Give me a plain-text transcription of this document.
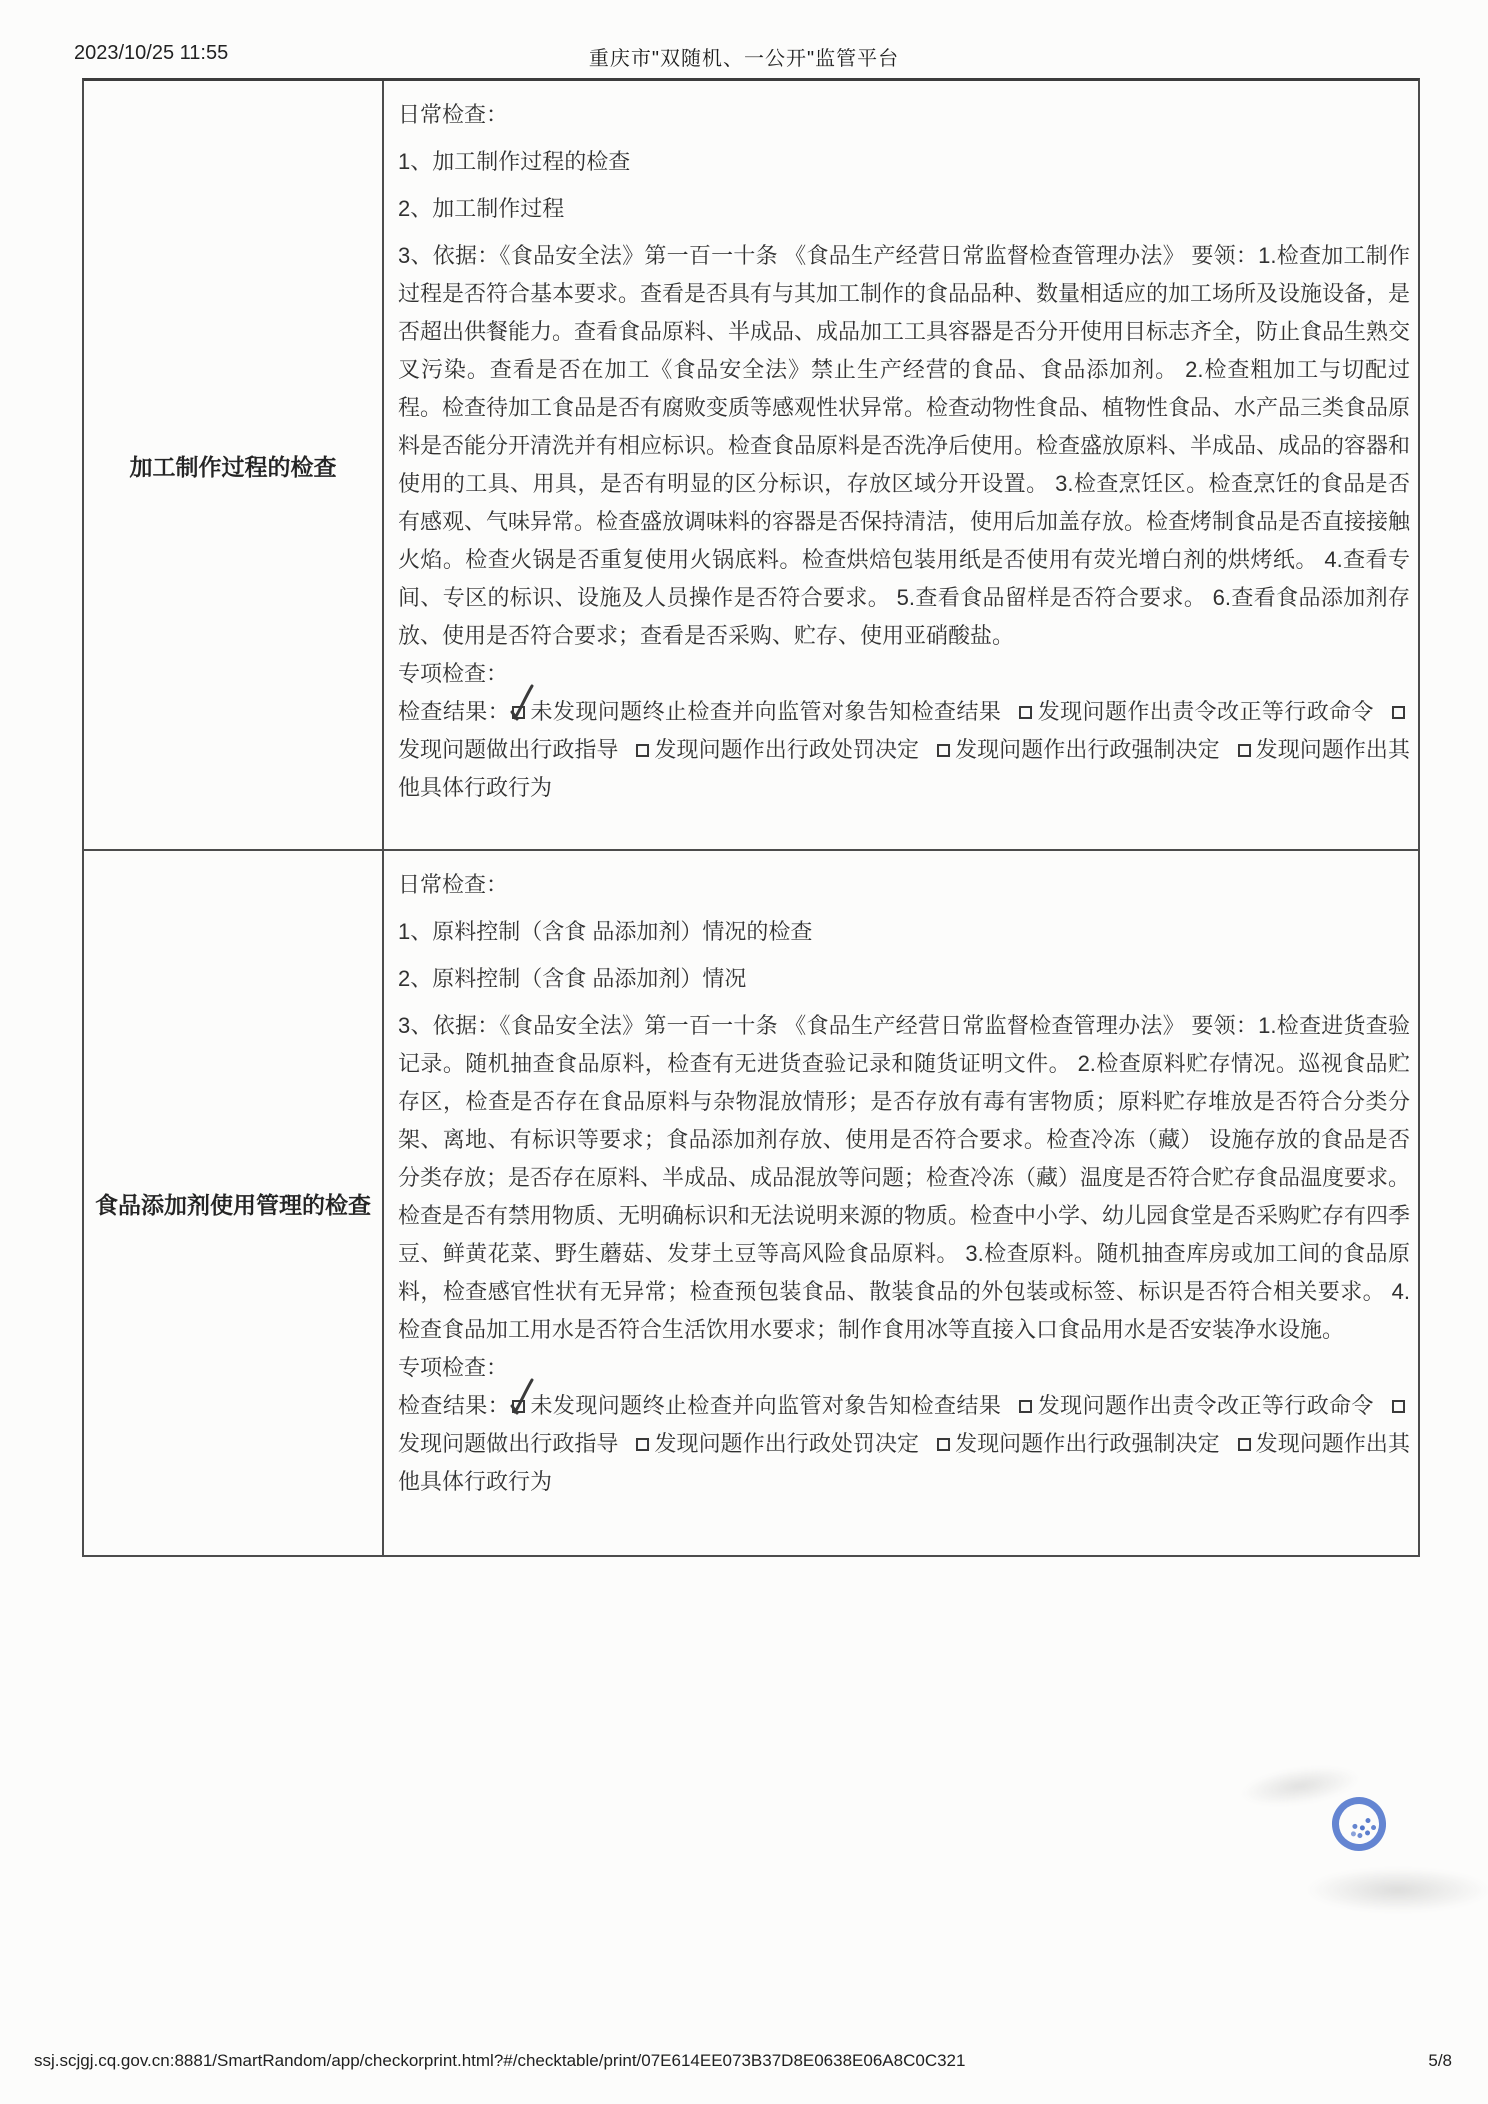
2023/10/25 11:55	重庆市"双随机、一公开"监管平台
加工制作过程的检查

日常检查：

1、加工制作过程的检查

2、加工制作过程

3、依据：《食品安全法》第一百一十条 《食品生产经营日常监督检查管理办法》 要领：1.检查加工制作过程是否符合基本要求。查看是否具有与其加工制作的食品品种、数量相适应的加工场所及设施设备，是否超出供餐能力。查看食品原料、半成品、成品加工工具容器是否分开使用目标志齐全，防止食品生熟交叉污染。查看是否在加工《食品安全法》禁止生产经营的食品、食品添加剂。 2.检查粗加工与切配过程。检查待加工食品是否有腐败变质等感观性状异常。检查动物性食品、植物性食品、水产品三类食品原料是否能分开清洗并有相应标识。检查食品原料是否洗净后使用。检查盛放原料、半成品、成品的容器和使用的工具、用具，是否有明显的区分标识，存放区域分开设置。 3.检查烹饪区。检查烹饪的食品是否有感观、气味异常。检查盛放调味料的容器是否保持清洁，使用后加盖存放。检查烤制食品是否直接接触火焰。检查火锅是否重复使用火锅底料。检查烘焙包装用纸是否使用有荧光增白剂的烘烤纸。 4.查看专间、专区的标识、设施及人员操作是否符合要求。 5.查看食品留样是否符合要求。 6.查看食品添加剂存放、使用是否符合要求；查看是否采购、贮存、使用亚硝酸盐。

专项检查：

检查结果： 未发现问题终止检查并向监管对象告知检查结果 发现问题作出责令改正等行政命令发现问题做出行政指导 发现问题作出行政处罚决定 发现问题作出行政强制决定 发现问题作出其他具体行政行为

食品添加剂使用管理的检查

日常检查：

1、原料控制（含食 品添加剂）情况的检查

2、原料控制（含食 品添加剂）情况

3、依据：《食品安全法》第一百一十条 《食品生产经营日常监督检查管理办法》 要领：1.检查进货查验记录。随机抽查食品原料，检查有无进货查验记录和随货证明文件。 2.检查原料贮存情况。巡视食品贮存区，检查是否存在食品原料与杂物混放情形；是否存放有毒有害物质；原料贮存堆放是否符合分类分架、离地、有标识等要求；食品添加剂存放、使用是否符合要求。检查冷冻（藏） 设施存放的食品是否分类存放；是否存在原料、半成品、成品混放等问题；检查冷冻（藏）温度是否符合贮存食品温度要求。检查是否有禁用物质、无明确标识和无法说明来源的物质。检查中小学、幼儿园食堂是否采购贮存有四季豆、鲜黄花菜、野生蘑菇、发芽土豆等高风险食品原料。 3.检查原料。随机抽查库房或加工间的食品原料，检查感官性状有无异常；检查预包装食品、散装食品的外包装或标签、标识是否符合相关要求。 4.检查食品加工用水是否符合生活饮用水要求；制作食用冰等直接入口食品用水是否安装净水设施。

专项检查：

检查结果： 未发现问题终止检查并向监管对象告知检查结果 发现问题作出责令改正等行政命令发现问题做出行政指导 发现问题作出行政处罚决定 发现问题作出行政强制决定 发现问题作出其他具体行政行为

ssj.scjgj.cq.gov.cn:8881/SmartRandom/app/checkorprint.html?#/checktable/print/07E614EE073B37D8E0638E06A8C0C321	5/8
